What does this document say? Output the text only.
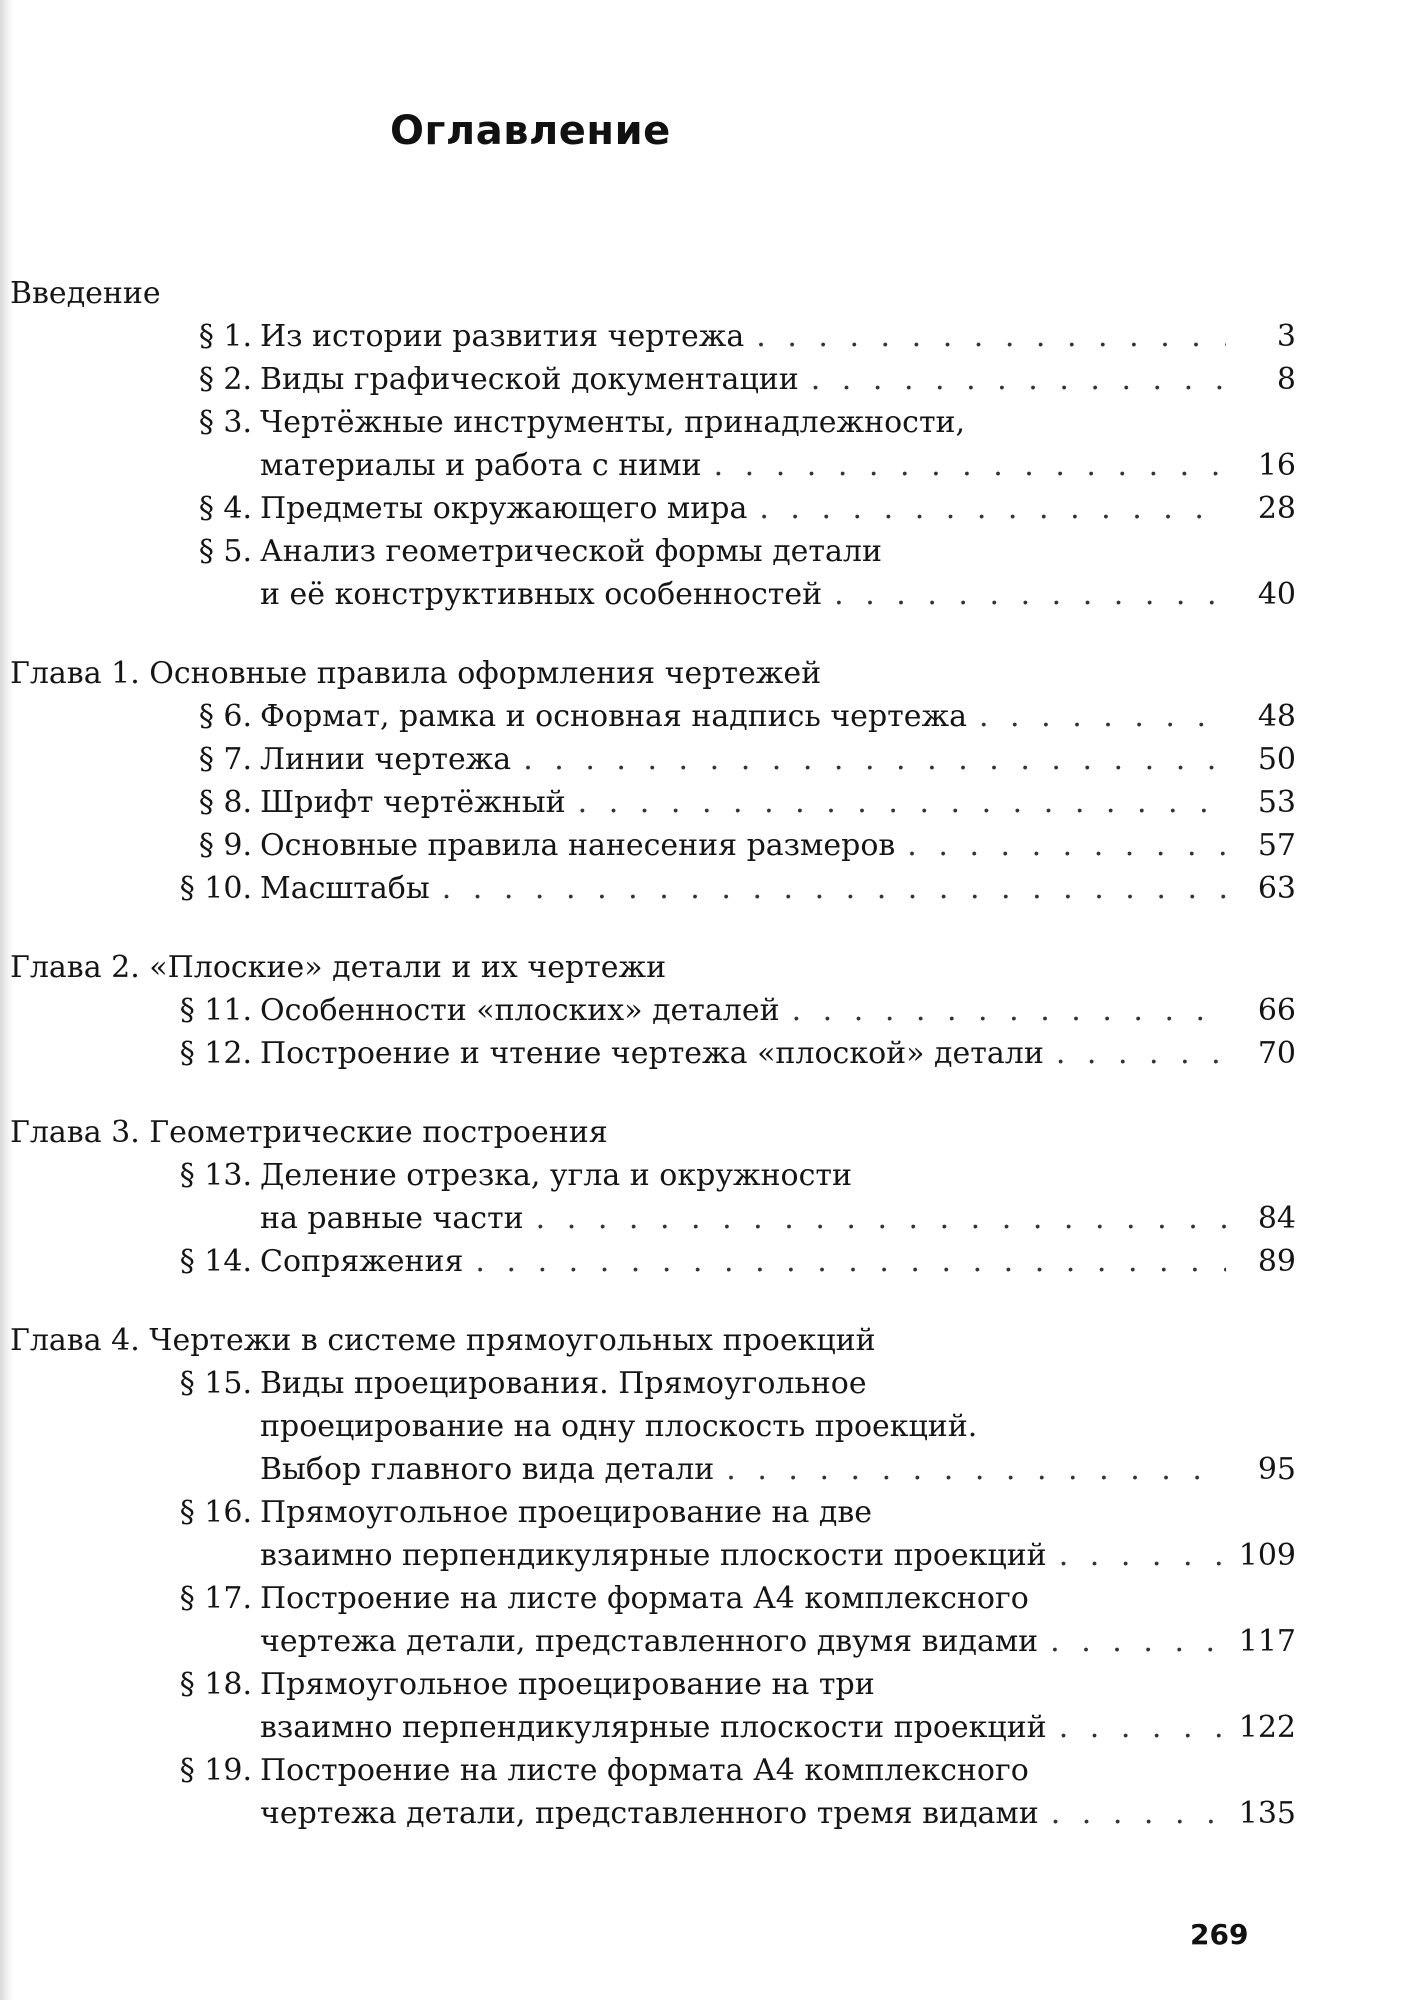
Оглавление
Введение
§ 1. Из истории развития чертежа . . .	3
§ 2. Виды графической документации . . .	8
§ 3. Чертёжные инструменты, принадлежности,
материалы и работа с ними . . .	16
§ 4. Предметы окружающего мира . . .	28
§ 5. Анализ геометрической формы детали
и её конструктивных особенностей . . .	40
Глава 1. Основные правила оформления чертежей
§ 6. Формат, рамка и основная надпись чертежа . . .	48
§ 7. Линии чертежа . . .	50
§ 8. Шрифт чертёжный . . .	53
§ 9. Основные правила нанесения размеров . . .	57
§ 10. Масштабы . . .	63
Глава 2. «Плоские» детали и их чертежи
§ 11. Особенности «плоских» деталей . . .	66
§ 12. Построение и чтение чертежа «плоской» детали . . .	70
Глава 3. Геометрические построения
§ 13. Деление отрезка, угла и окружности
на равные части . . .	84
§ 14. Сопряжения . . .	89
Глава 4. Чертежи в системе прямоугольных проекций
§ 15. Виды проецирования. Прямоугольное
проецирование на одну плоскость проекций.
Выбор главного вида детали . . .	95
§ 16. Прямоугольное проецирование на две
взаимно перпендикулярные плоскости проекций . . .	109
§ 17. Построение на листе формата А4 комплексного
чертежа детали, представленного двумя видами . . .	117
§ 18. Прямоугольное проецирование на три
взаимно перпендикулярные плоскости проекций . . .	122
§ 19. Построение на листе формата А4 комплексного
чертежа детали, представленного тремя видами . . .	135
269
